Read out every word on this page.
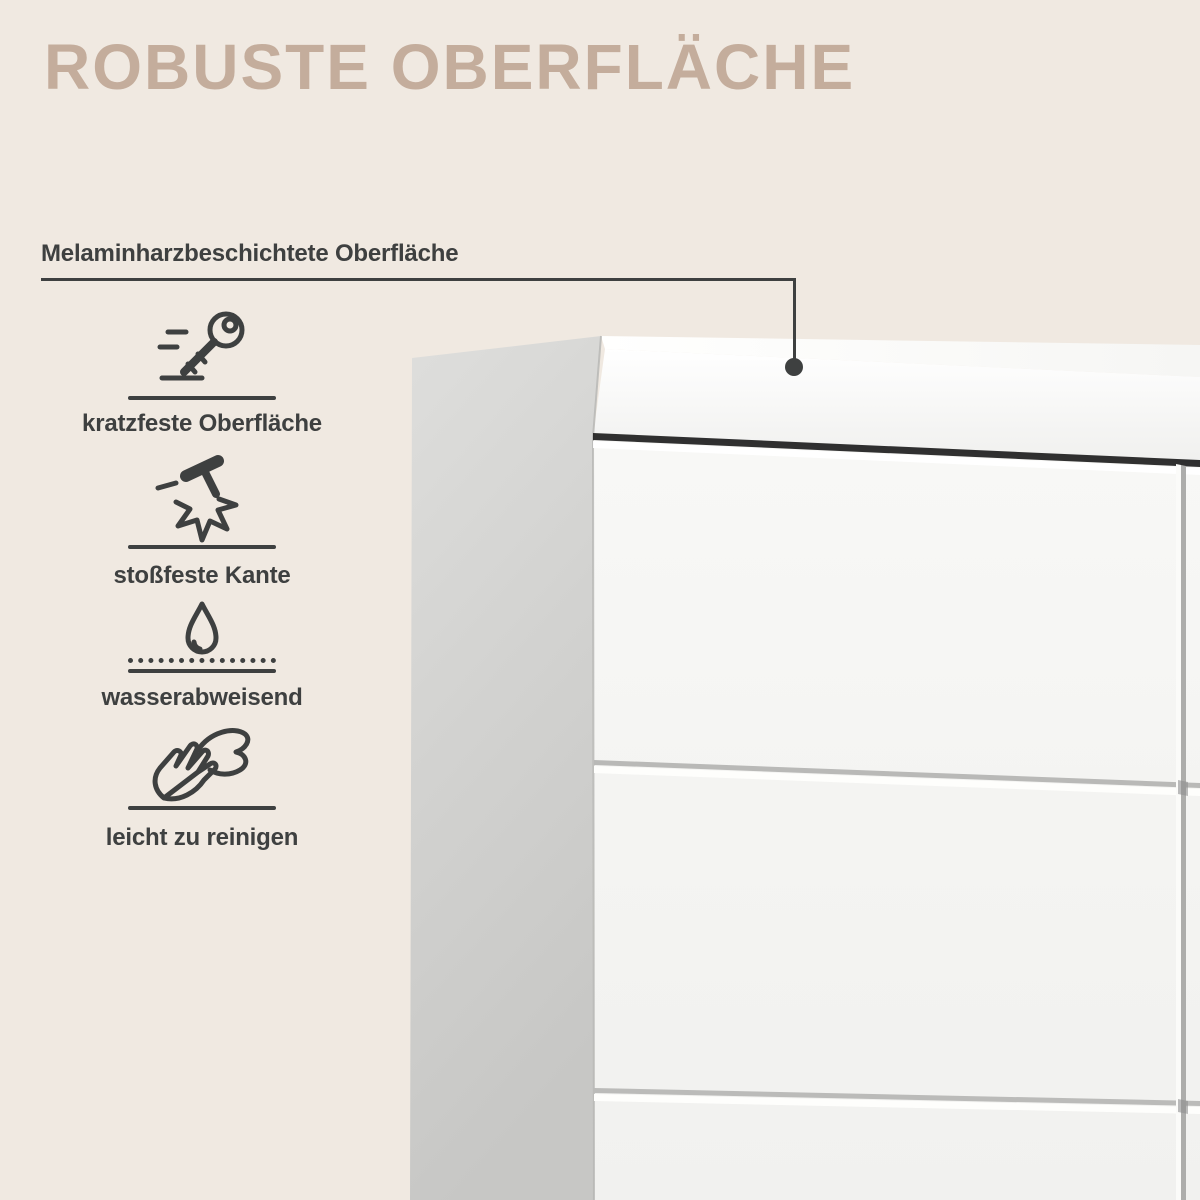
ROBUSTE OBERFLÄCHE
Melaminharzbeschichtete Oberfläche
kratzfeste Oberfläche
stoßfeste Kante
wasserabweisend
leicht zu reinigen
